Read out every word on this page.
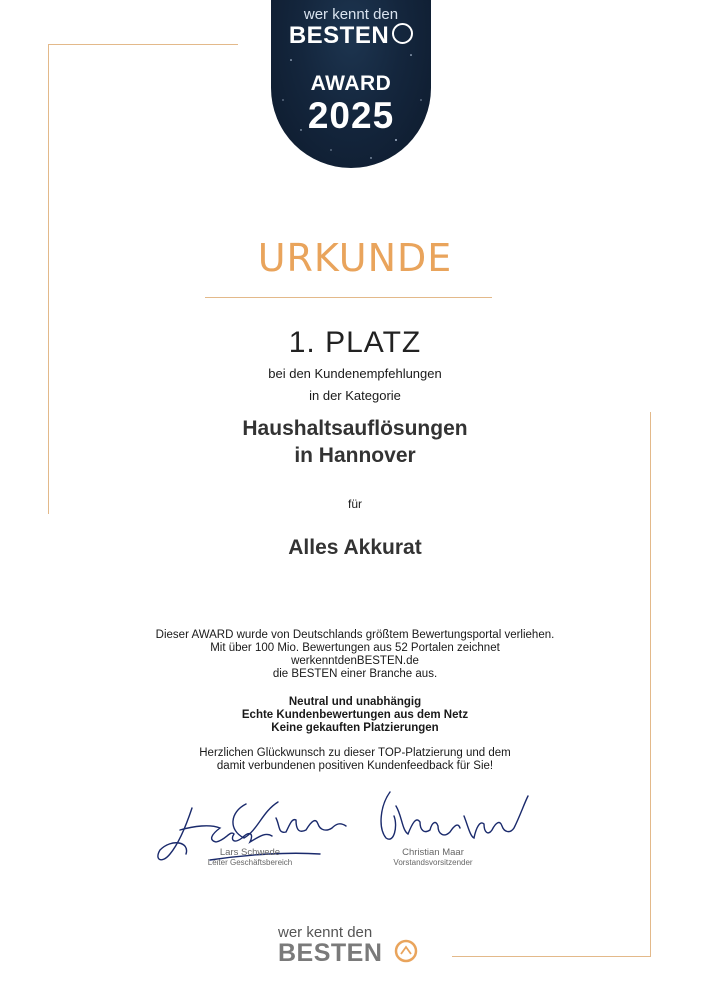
wer kennt den
BESTEN
AWARD
2025
URKUNDE
1. PLATZ
bei den Kundenempfehlungen
in der Kategorie
Haushaltsauflösungen
in Hannover
für
Alles Akkurat
Dieser AWARD wurde von Deutschlands größtem Bewertungsportal verliehen.
Mit über 100 Mio. Bewertungen aus 52 Portalen zeichnet
werkenntdenBESTEN.de
die BESTEN einer Branche aus.
Neutral und unabhängig
Echte Kundenbewertungen aus dem Netz
Keine gekauften Platzierungen
Herzlichen Glückwunsch zu dieser TOP-Platzierung und dem
damit verbundenen positiven Kundenfeedback für Sie!
Lars Schwede
Leiter Geschäftsbereich
Christian Maar
Vorstandsvorsitzender
wer kennt den
BESTEN
